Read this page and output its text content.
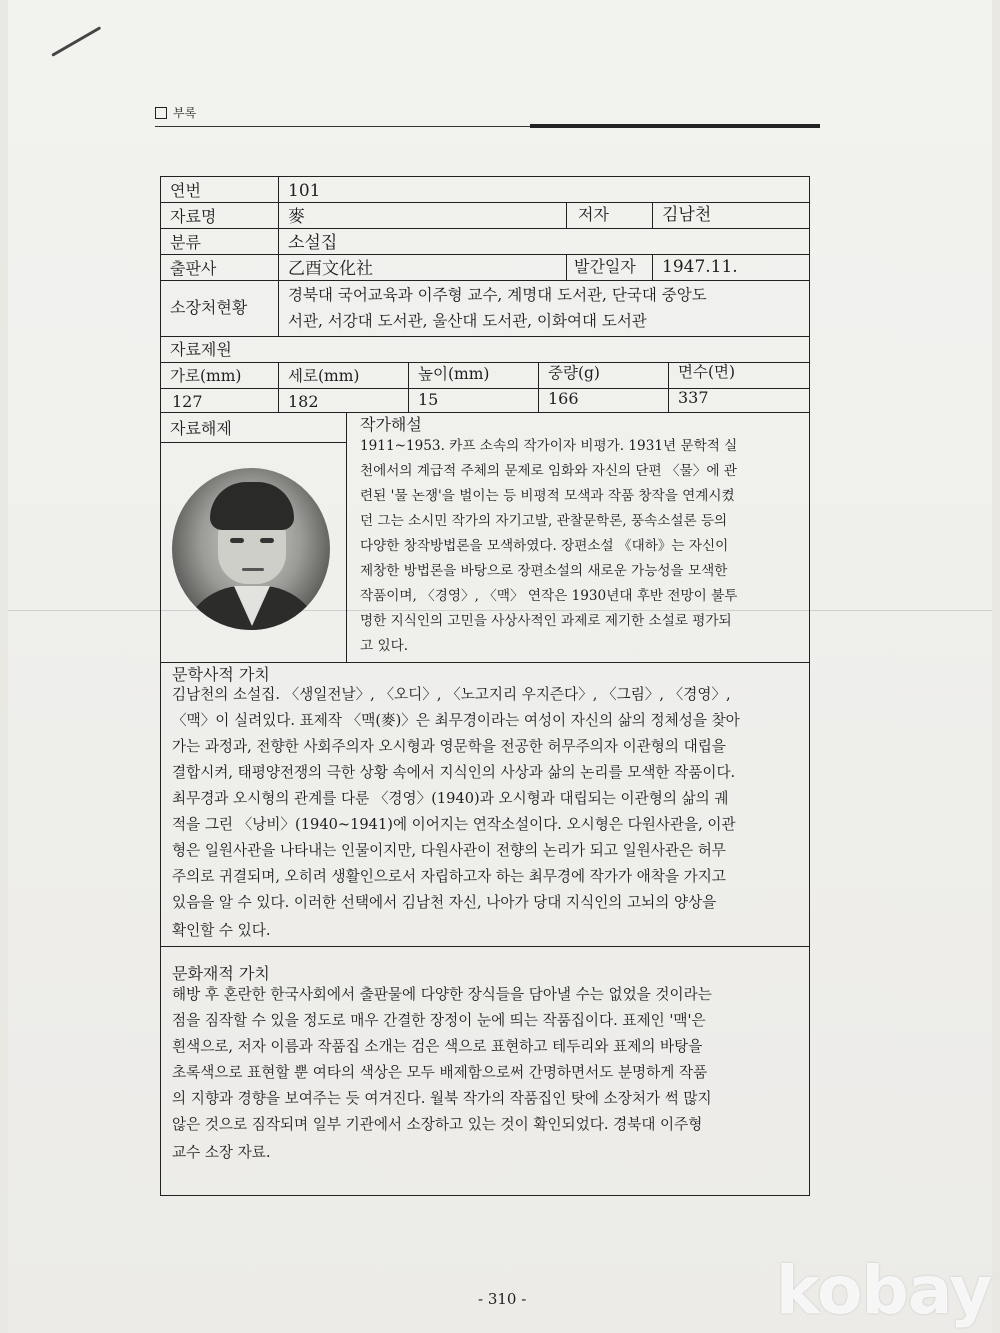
부록
연번	101
자료명	麥	저자	김남천
분류	소설집
출판사	乙酉文化社	발간일자 1947.11.
소장처현황
경북대 국어교육과 이주형 교수, 계명대 도서관, 단국대 중앙도
서관, 서강대 도서관, 울산대 도서관, 이화여대 도서관
자료제원
가로(mm)	세로(mm)	높이(mm)	중량(g)	면수(면)
127	182	15	166	337
자료해제	작가해설
1911~1953. 카프 소속의 작가이자 비평가. 1931년 문학적 실
천에서의 계급적 주체의 문제로 임화와 자신의 단편 〈물〉에 관
련된 '물 논쟁'을 벌이는 등 비평적 모색과 작품 창작을 연계시켰
던 그는 소시민 작가의 자기고발, 관찰문학론, 풍속소설론 등의
다양한 창작방법론을 모색하였다. 장편소설 《대하》는 자신이
제창한 방법론을 바탕으로 장편소설의 새로운 가능성을 모색한
작품이며, 〈경영〉, 〈맥〉 연작은 1930년대 후반 전망이 불투
명한 지식인의 고민을 사상사적인 과제로 제기한 소설로 평가되
고 있다.
문학사적 가치
김남천의 소설집. 〈생일전날〉, 〈오디〉, 〈노고지리 우지즌다〉, 〈그림〉, 〈경영〉,
〈맥〉이 실려있다. 표제작 〈맥(麥)〉은 최무경이라는 여성이 자신의 삶의 정체성을 찾아
가는 과정과, 전향한 사회주의자 오시형과 영문학을 전공한 허무주의자 이관형의 대립을
결합시켜, 태평양전쟁의 극한 상황 속에서 지식인의 사상과 삶의 논리를 모색한 작품이다.
최무경과 오시형의 관계를 다룬 〈경영〉(1940)과 오시형과 대립되는 이관형의 삶의 궤
적을 그린 〈낭비〉(1940~1941)에 이어지는 연작소설이다. 오시형은 다원사관을, 이관
형은 일원사관을 나타내는 인물이지만, 다원사관이 전향의 논리가 되고 일원사관은 허무
주의로 귀결되며, 오히려 생활인으로서 자립하고자 하는 최무경에 작가가 애착을 가지고
있음을 알 수 있다. 이러한 선택에서 김남천 자신, 나아가 당대 지식인의 고뇌의 양상을
확인할 수 있다.
문화재적 가치
해방 후 혼란한 한국사회에서 출판물에 다양한 장식들을 담아낼 수는 없었을 것이라는
점을 짐작할 수 있을 정도로 매우 간결한 장정이 눈에 띄는 작품집이다. 표제인 '맥'은
흰색으로, 저자 이름과 작품집 소개는 검은 색으로 표현하고 테두리와 표제의 바탕을
초록색으로 표현할 뿐 여타의 색상은 모두 배제함으로써 간명하면서도 분명하게 작품
의 지향과 경향을 보여주는 듯 여겨진다. 월북 작가의 작품집인 탓에 소장처가 썩 많지
않은 것으로 짐작되며 일부 기관에서 소장하고 있는 것이 확인되었다. 경북대 이주형
교수 소장 자료.
- 310 -	kobay
